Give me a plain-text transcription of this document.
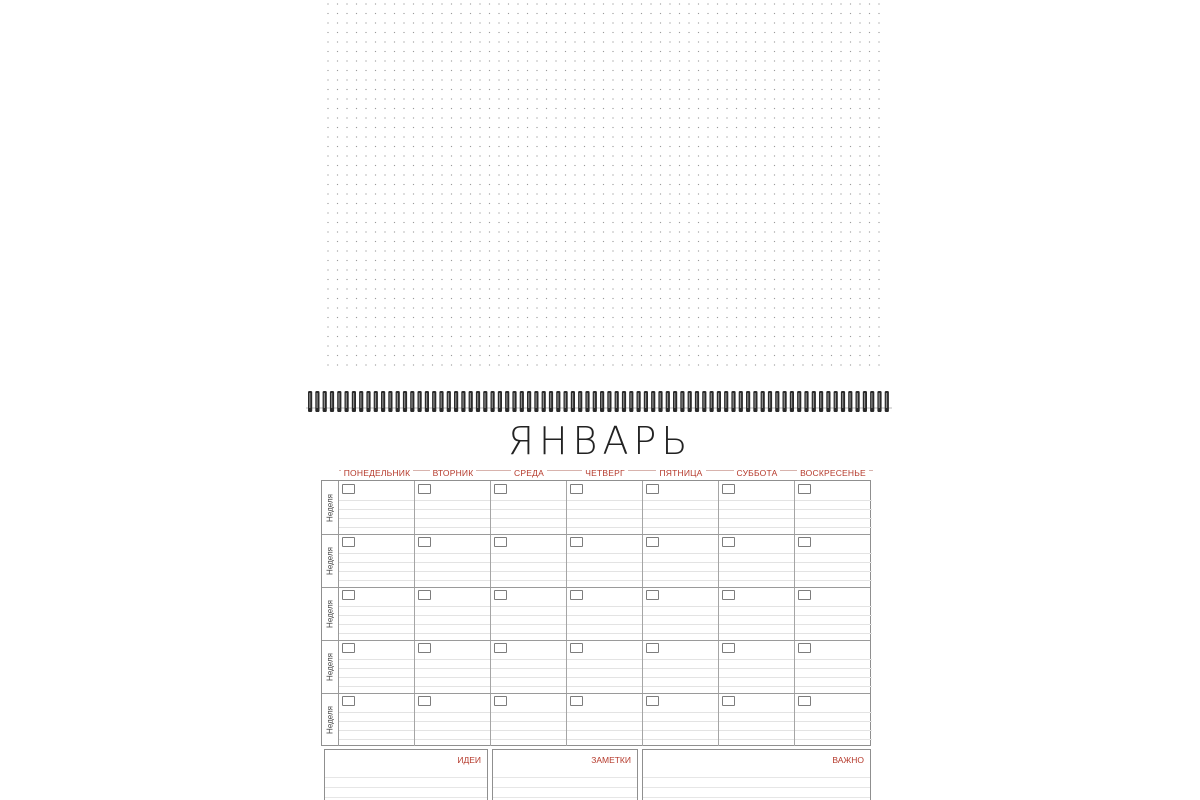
ЯНВАРЬ
ПОНЕДЕЛЬНИК	ВТОРНИК	СРЕДА	ЧЕТВЕРГ	ПЯТНИЦА	СУББОТА	ВОСКРЕСЕНЬЕ
Неделя
Неделя
Неделя
Неделя
Неделя
ИДЕИ	ЗАМЕТКИ	ВАЖНО
